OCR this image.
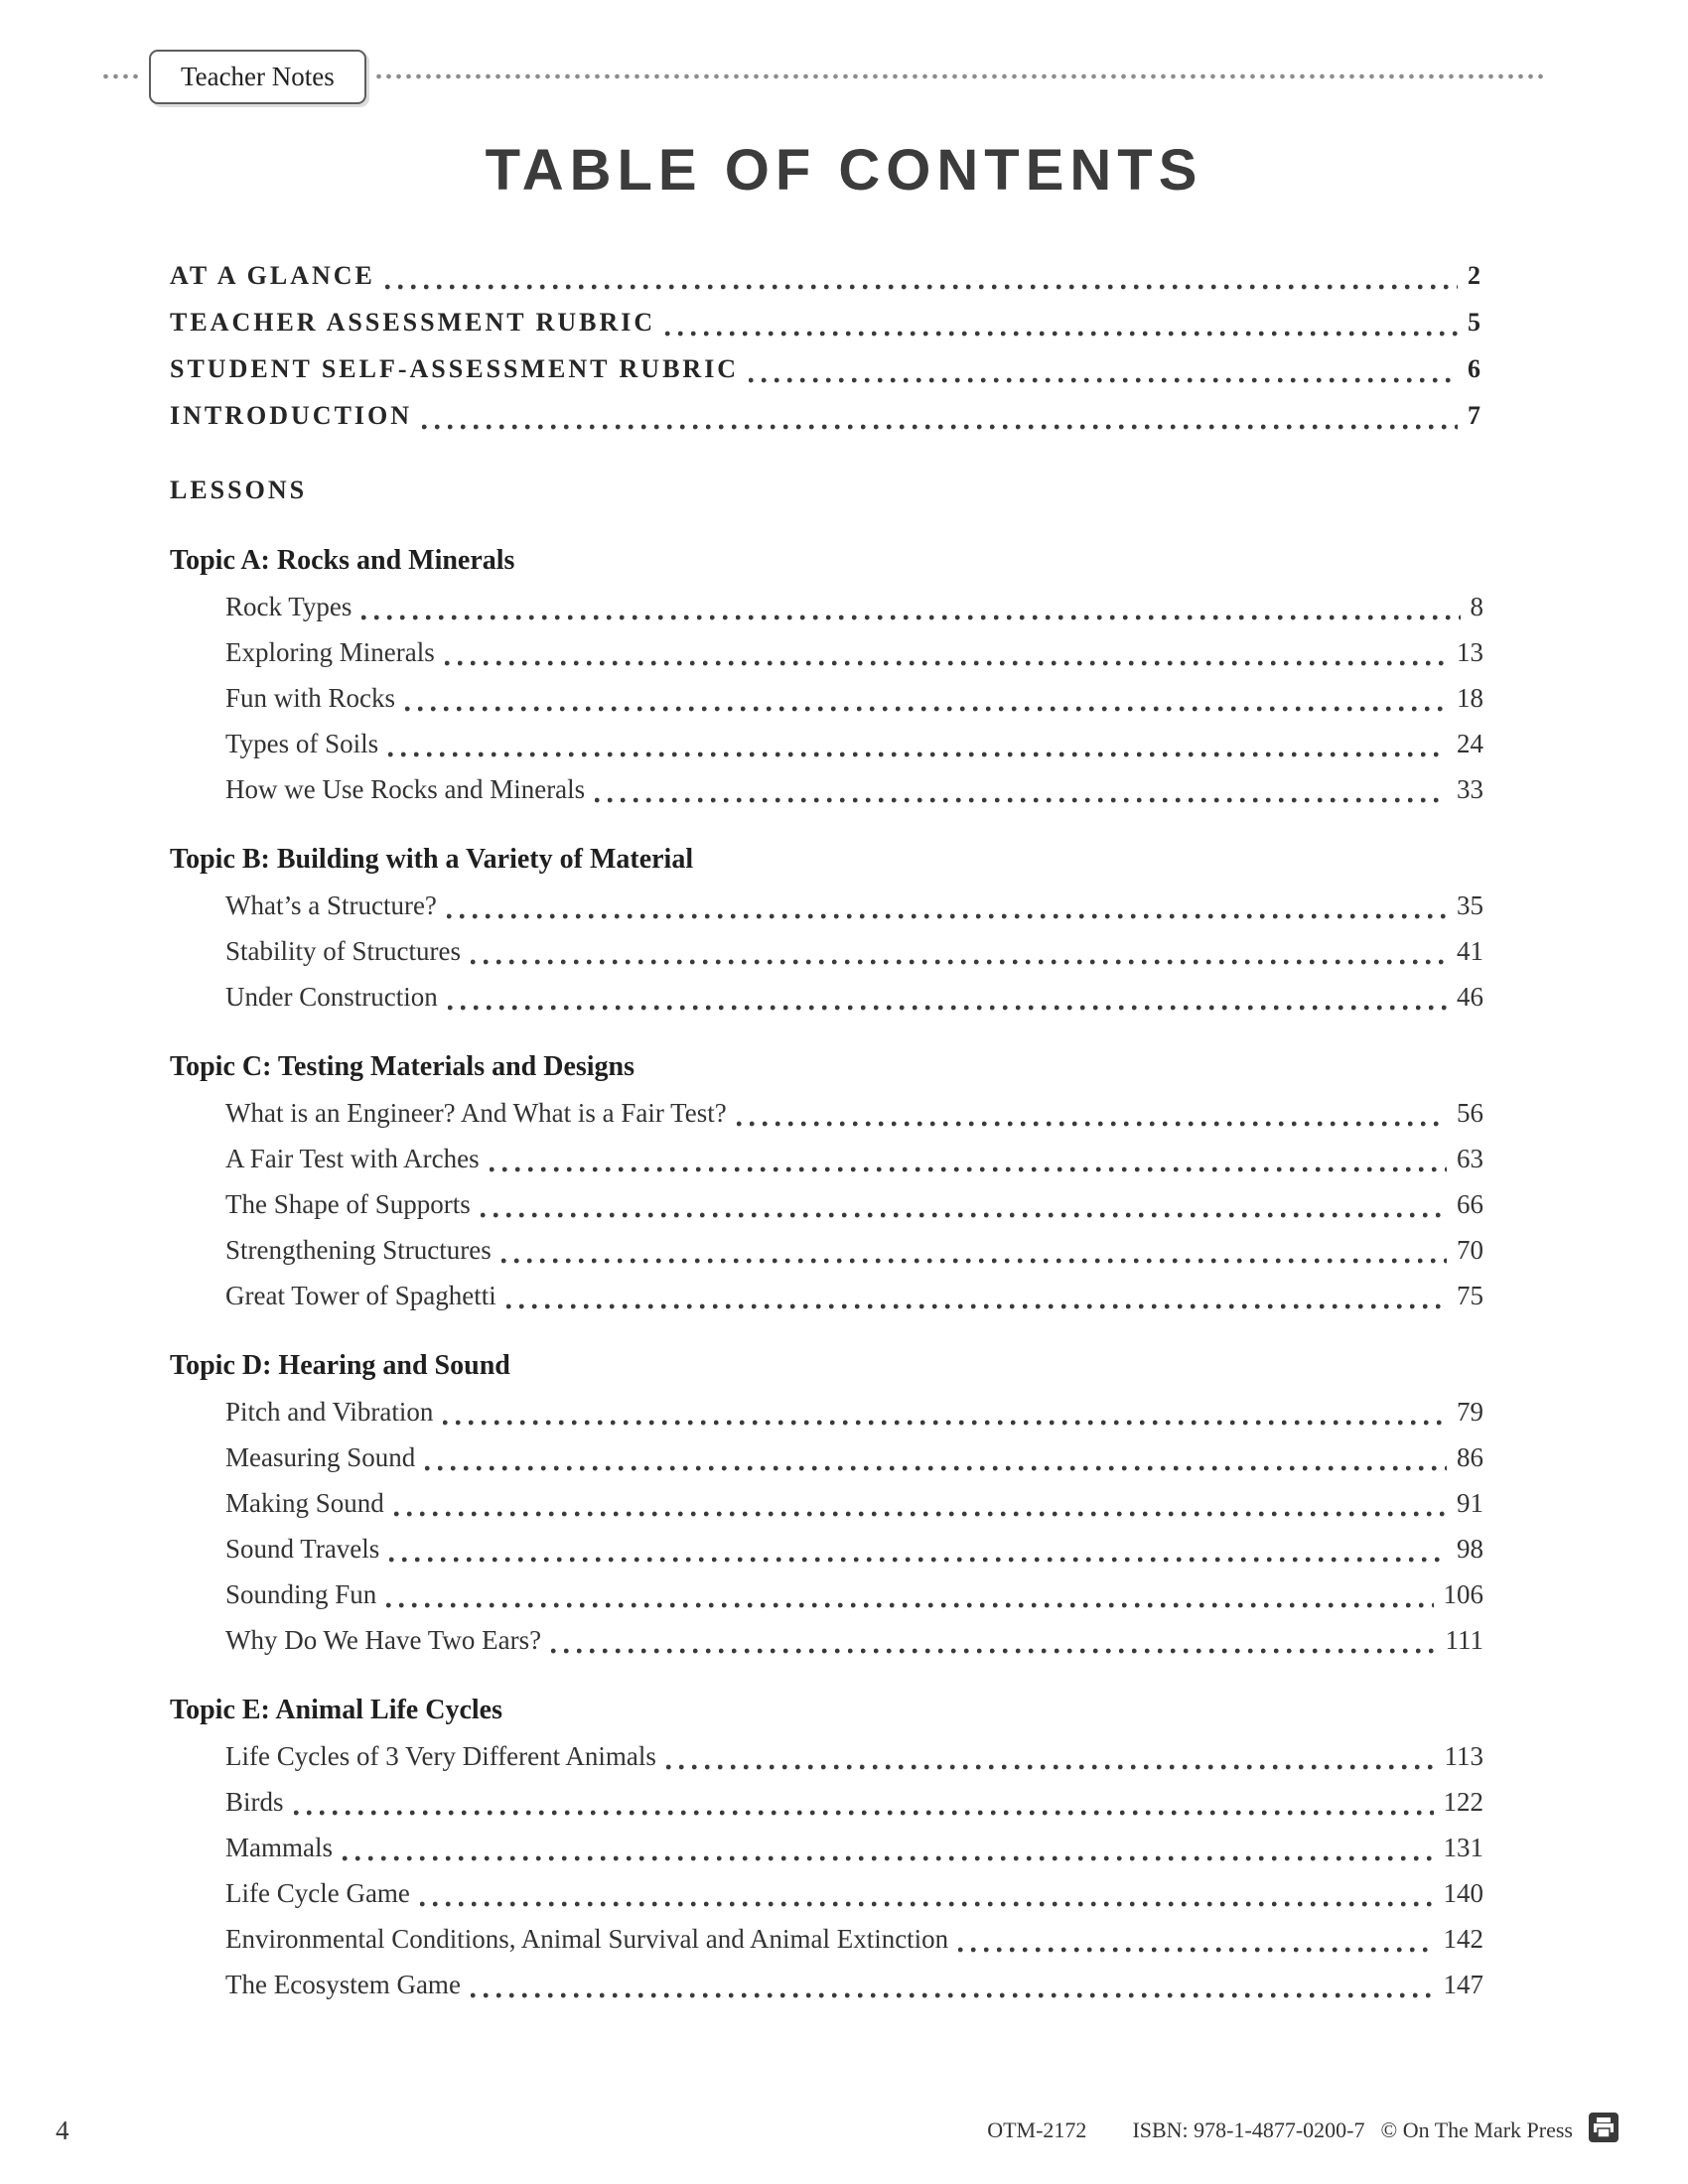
Teacher Notes
TABLE OF CONTENTS
AT A GLANCE	2
TEACHER ASSESSMENT RUBRIC	5
STUDENT SELF-ASSESSMENT RUBRIC	6
INTRODUCTION	7
LESSONS
Topic A: Rocks and Minerals
Rock Types	8
Exploring Minerals	13
Fun with Rocks	18
Types of Soils	24
How we Use Rocks and Minerals	33
Topic B: Building with a Variety of Material
What’s a Structure?	35
Stability of Structures	41
Under Construction	46
Topic C: Testing Materials and Designs
What is an Engineer? And What is a Fair Test?	56
A Fair Test with Arches	63
The Shape of Supports	66
Strengthening Structures	70
Great Tower of Spaghetti	75
Topic D: Hearing and Sound
Pitch and Vibration	79
Measuring Sound	86
Making Sound	91
Sound Travels	98
Sounding Fun	106
Why Do We Have Two Ears?	111
Topic E: Animal Life Cycles
Life Cycles of 3 Very Different Animals	113
Birds	122
Mammals	131
Life Cycle Game	140
Environmental Conditions, Animal Survival and Animal Extinction	142
The Ecosystem Game	147
4	OTM-2172 ISBN: 978-1-4877-0200-7 © On The Mark Press
